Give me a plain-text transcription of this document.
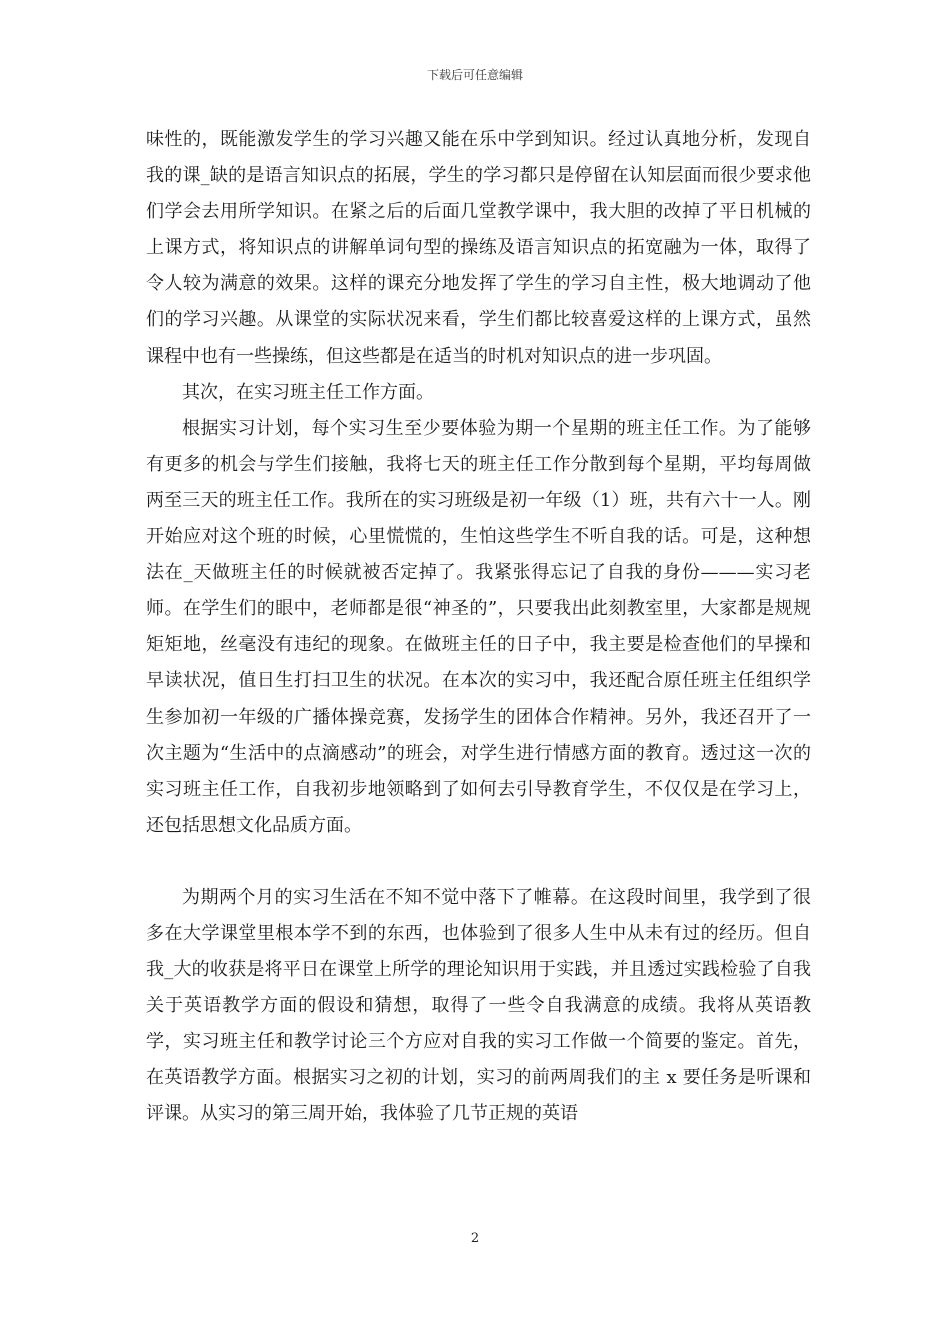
下载后可任意编辑

味性的，既能激发学生的学习兴趣又能在乐中学到知识。经过认真地分析，发现自我的课_缺的是语言知识点的拓展，学生的学习都只是停留在认知层面而很少要求他们学会去用所学知识。在紧之后的后面几堂教学课中，我大胆的改掉了平日机械的上课方式，将知识点的讲解单词句型的操练及语言知识点的拓宽融为一体，取得了令人较为满意的效果。这样的课充分地发挥了学生的学习自主性，极大地调动了他们的学习兴趣。从课堂的实际状况来看，学生们都比较喜爱这样的上课方式，虽然课程中也有一些操练，但这些都是在适当的时机对知识点的进一步巩固。

其次，在实习班主任工作方面。

根据实习计划，每个实习生至少要体验为期一个星期的班主任工作。为了能够有更多的机会与学生们接触，我将七天的班主任工作分散到每个星期，平均每周做两至三天的班主任工作。我所在的实习班级是初一年级（1）班，共有六十一人。刚开始应对这个班的时候，心里慌慌的，生怕这些学生不听自我的话。可是，这种想法在_天做班主任的时候就被否定掉了。我紧张得忘记了自我的身份———实习老师。在学生们的眼中，老师都是很“神圣的”，只要我出此刻教室里，大家都是规规矩矩地，丝毫没有违纪的现象。在做班主任的日子中，我主要是检查他们的早操和早读状况，值日生打扫卫生的状况。在本次的实习中，我还配合原任班主任组织学生参加初一年级的广播体操竞赛，发扬学生的团体合作精神。另外，我还召开了一次主题为“生活中的点滴感动”的班会，对学生进行情感方面的教育。透过这一次的实习班主任工作，自我初步地领略到了如何去引导教育学生，不仅仅是在学习上，还包括思想文化品质方面。

为期两个月的实习生活在不知不觉中落下了帷幕。在这段时间里，我学到了很多在大学课堂里根本学不到的东西，也体验到了很多人生中从未有过的经历。但自我_大的收获是将平日在课堂上所学的理论知识用于实践，并且透过实践检验了自我关于英语教学方面的假设和猜想，取得了一些令自我满意的成绩。我将从英语教学，实习班主任和教学讨论三个方应对自我的实习工作做一个简要的鉴定。首先，在英语教学方面。根据实习之初的计划，实习的前两周我们的主 x 要任务是听课和评课。从实习的第三周开始，我体验了几节正规的英语

2
